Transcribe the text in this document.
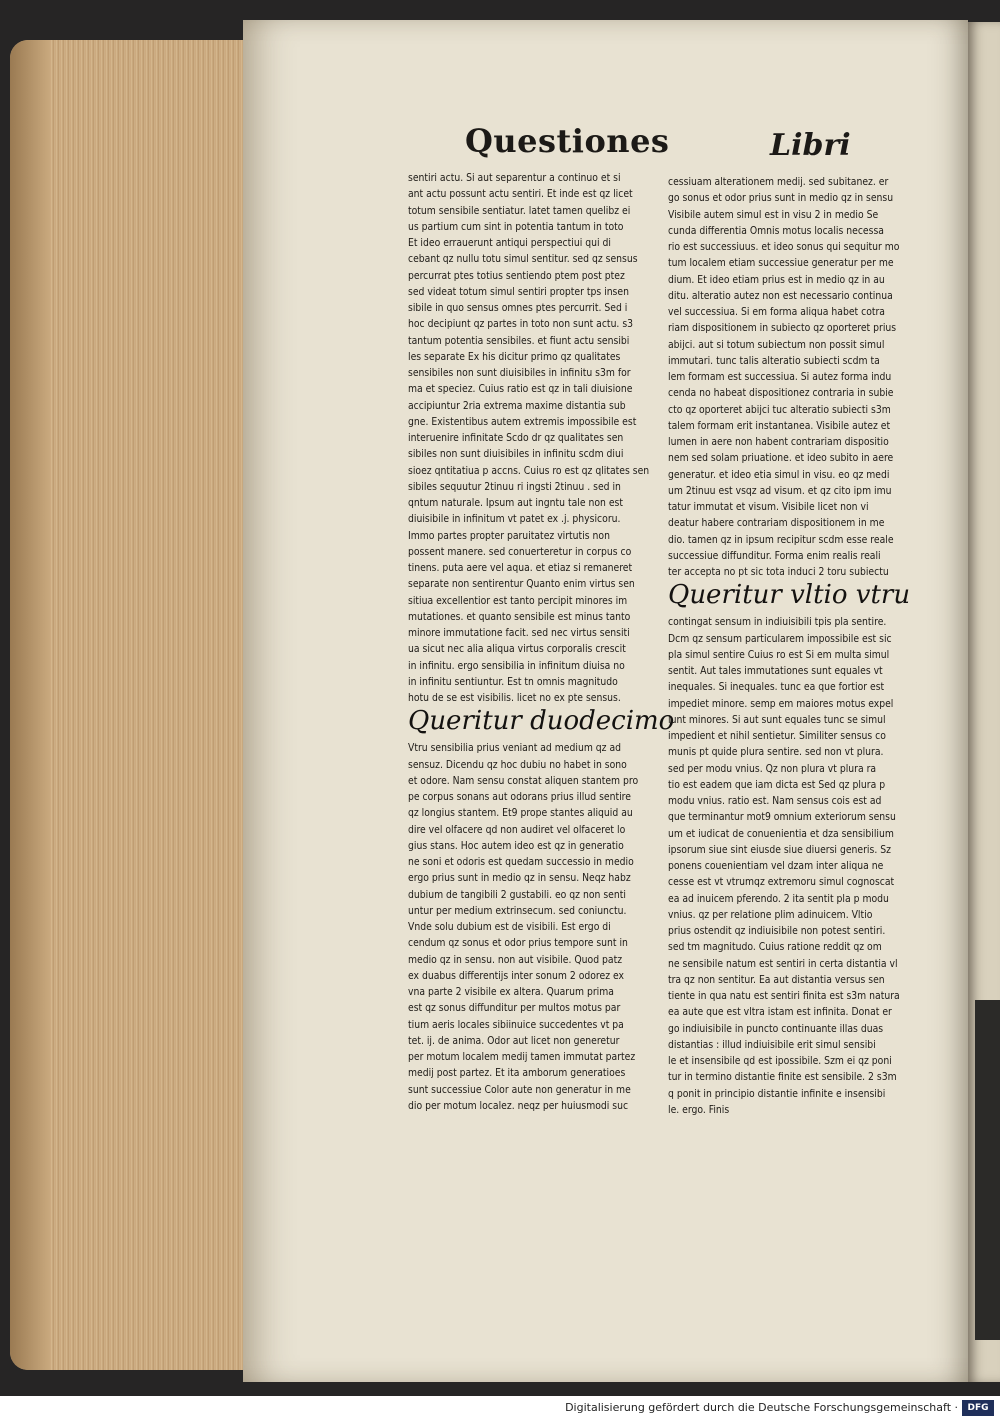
Questiones	Libri
sentiri actu. Si aut separentur a continuo et si
ant actu possunt actu sentiri. Et inde est qz licet
totum sensibile sentiatur. latet tamen quelibz ei
us partium cum sint in potentia tantum in toto
Et ideo errauerunt antiqui perspectiui qui di
cebant qz nullu totu simul sentitur. sed qz sensus
percurrat ptes totius sentiendo ptem post ptez
sed videat totum simul sentiri propter tps insen
sibile in quo sensus omnes ptes percurrit. Sed i
hoc decipiunt qz partes in toto non sunt actu. s3
tantum potentia sensibiles. et fiunt actu sensibi
les separate Ex his dicitur primo qz qualitates
sensibiles non sunt diuisibiles in infinitu s3m for
ma et speciez. Cuius ratio est qz in tali diuisione
accipiuntur 2ria extrema maxime distantia sub
gne. Existentibus autem extremis impossibile est
interuenire infinitate Scdo dr qz qualitates sen
sibiles non sunt diuisibiles in infinitu scdm diui
sioez qntitatiua p accns. Cuius ro est qz qlitates sen
sibiles sequutur 2tinuu ri ingsti 2tinuu . sed in
qntum naturale. Ipsum aut ingntu tale non est
diuisibile in infinitum vt patet ex .j. physicoru.
Immo partes propter paruitatez virtutis non
possent manere. sed conuerteretur in corpus co
tinens. puta aere vel aqua. et etiaz si remaneret
separate non sentirentur Quanto enim virtus sen
sitiua excellentior est tanto percipit minores im
mutationes. et quanto sensibile est minus tanto
minore immutatione facit. sed nec virtus sensiti
ua sicut nec alia aliqua virtus corporalis crescit
in infinitu. ergo sensibilia in infinitum diuisa no
in infinitu sentiuntur. Est tn omnis magnitudo
hotu de se est visibilis. licet no ex pte sensus.
Queritur duodecimo
Vtru sensibilia prius veniant ad medium qz ad
sensuz. Dicendu qz hoc dubiu no habet in sono
et odore. Nam sensu constat aliquen stantem pro
pe corpus sonans aut odorans prius illud sentire
qz longius stantem. Et9 prope stantes aliquid au
dire vel olfacere qd non audiret vel olfaceret lo
gius stans. Hoc autem ideo est qz in generatio
ne soni et odoris est quedam successio in medio
ergo prius sunt in medio qz in sensu. Neqz habz
dubium de tangibili 2 gustabili. eo qz non senti
untur per medium extrinsecum. sed coniunctu.
Vnde solu dubium est de visibili. Est ergo di
cendum qz sonus et odor prius tempore sunt in
medio qz in sensu. non aut visibile. Quod patz
ex duabus differentijs inter sonum 2 odorez ex
vna parte 2 visibile ex altera. Quarum prima
est qz sonus diffunditur per multos motus par
tium aeris locales sibiinuice succedentes vt pa
tet. ij. de anima. Odor aut licet non generetur
per motum localem medij tamen immutat partez
medij post partez. Et ita amborum generatioes
sunt successiue Color aute non generatur in me
dio per motum localez. neqz per huiusmodi suc
cessiuam alterationem medij. sed subitanez. er
go sonus et odor prius sunt in medio qz in sensu
Visibile autem simul est in visu 2 in medio Se
cunda differentia Omnis motus localis necessa
rio est successiuus. et ideo sonus qui sequitur mo
tum localem etiam successiue generatur per me
dium. Et ideo etiam prius est in medio qz in au
ditu. alteratio autez non est necessario continua
vel successiua. Si em forma aliqua habet cotra
riam dispositionem in subiecto qz oporteret prius
abijci. aut si totum subiectum non possit simul
immutari. tunc talis alteratio subiecti scdm ta
lem formam est successiua. Si autez forma indu
cenda no habeat dispositionez contraria in subie
cto qz oporteret abijci tuc alteratio subiecti s3m
talem formam erit instantanea. Visibile autez et
lumen in aere non habent contrariam dispositio
nem sed solam priuatione. et ideo subito in aere
generatur. et ideo etia simul in visu. eo qz medi
um 2tinuu est vsqz ad visum. et qz cito ipm imu
tatur immutat et visum. Visibile licet non vi
deatur habere contrariam dispositionem in me
dio. tamen qz in ipsum recipitur scdm esse reale
successiue diffunditur. Forma enim realis reali
ter accepta no pt sic tota induci 2 toru subiectu
Queritur vltio vtru
contingat sensum in indiuisibili tpis pla sentire.
Dcm qz sensum particularem impossibile est sic
pla simul sentire Cuius ro est Si em multa simul
sentit. Aut tales immutationes sunt equales vt
inequales. Si inequales. tunc ea que fortior est
impediet minore. semp em maiores motus expel
lunt minores. Si aut sunt equales tunc se simul
impedient et nihil sentietur. Similiter sensus co
munis pt quide plura sentire. sed non vt plura.
sed per modu vnius. Qz non plura vt plura ra
tio est eadem que iam dicta est Sed qz plura p
modu vnius. ratio est. Nam sensus cois est ad
que terminantur mot9 omnium exteriorum sensu
um et iudicat de conuenientia et dza sensibilium
ipsorum siue sint eiusde siue diuersi generis. Sz
ponens couenientiam vel dzam inter aliqua ne
cesse est vt vtrumqz extremoru simul cognoscat
ea ad inuicem pferendo. 2 ita sentit pla p modu
vnius. qz per relatione plim adinuicem. Vltio
prius ostendit qz indiuisibile non potest sentiri.
sed tm magnitudo. Cuius ratione reddit qz om
ne sensibile natum est sentiri in certa distantia vl
tra qz non sentitur. Ea aut distantia versus sen
tiente in qua natu est sentiri finita est s3m natura
ea aute que est vltra istam est infinita. Donat er
go indiuisibile in puncto continuante illas duas
distantias : illud indiuisibile erit simul sensibi
le et insensibile qd est ipossibile. Szm ei qz poni
tur in termino distantie finite est sensibile. 2 s3m
q ponit in principio distantie infinite e insensibi
le. ergo. Finis
Digitalisierung gefördert durch die Deutsche Forschungsgemeinschaft ·	DFG
